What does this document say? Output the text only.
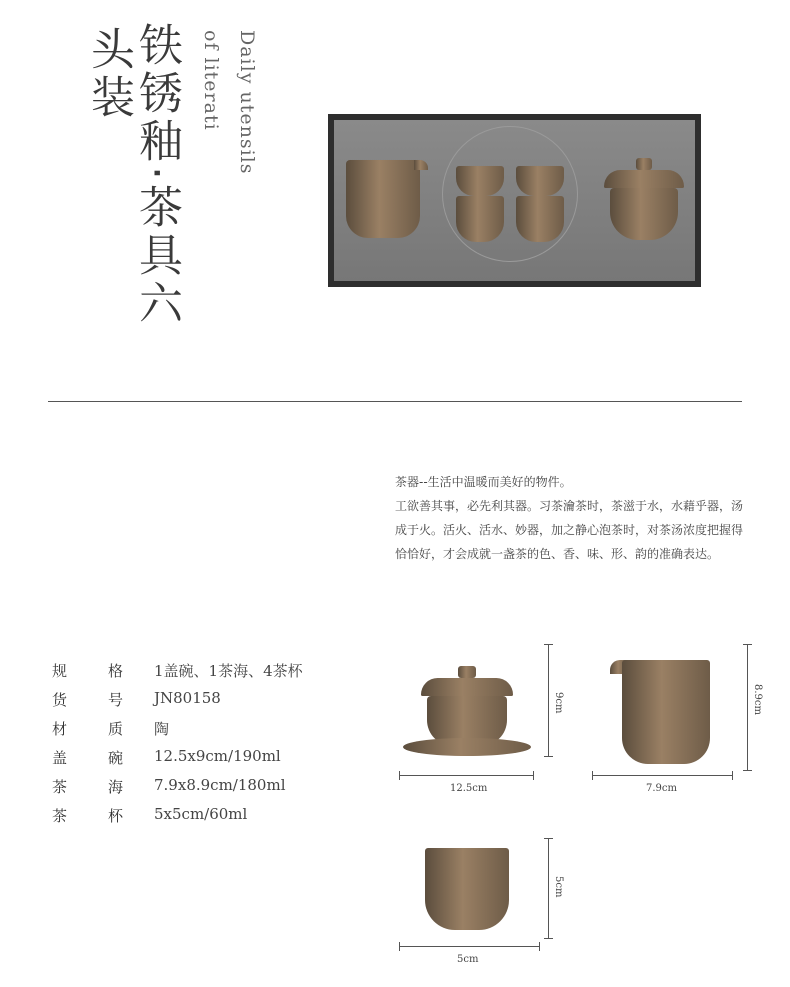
铁锈釉·茶具六
头装	Daily utensils
of literati

茶器--生活中温暖而美好的物件。

工欲善其事，必先利其器。习茶瀹茶时，茶滋于水，水藉乎器，汤成于火。活火、活水、妙器，加之静心泡茶时，对茶汤浓度把握得恰恰好，才会成就一盏茶的色、香、味、形、韵的准确表达。

规	格 1盖碗、1茶海、4茶杯
货	号 JN80158
材	质 陶
盖	碗 12.5x9cm/190ml
茶	海 7.9x8.9cm/180ml
茶	杯 5x5cm/60ml
12.5cm
9cm
7.9cm
8.9cm
5cm
5cm
